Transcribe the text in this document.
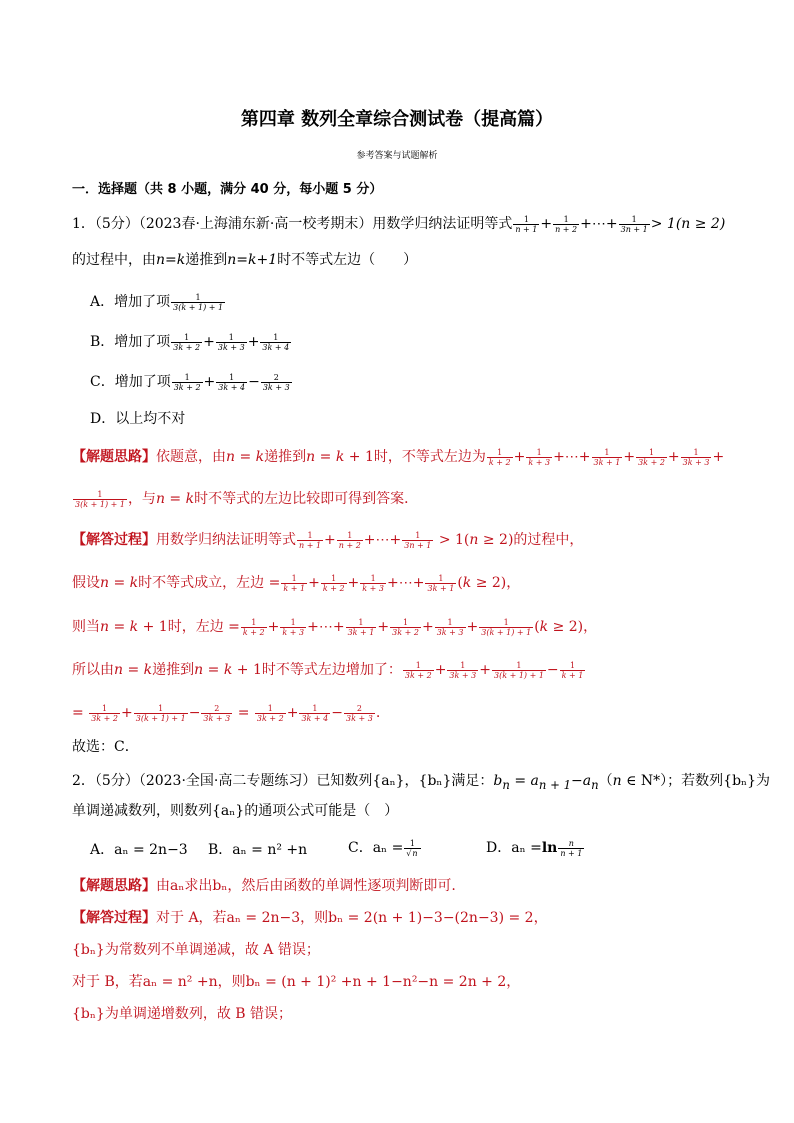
第四章 数列全章综合测试卷（提高篇）
参考答案与试题解析
一．选择题（共 8 小题，满分 40 分，每小题 5 分）
1．（5分）（2023春·上海浦东新·高一校考期末）用数学归纳法证明等式 $\frac{1}{n + 1} + \frac{1}{n + 2}$ +⋯+ $\frac{1}{3n + 1} > 1(n \ge 2)$
的过程中，由n=k递推到n=k+1时不等式左边（　　）
A．增加了项 $\frac{1}{3(k + 1) + 1}$
B．增加了项 $\frac{1}{3k + 2} + \frac{1}{3k + 3} + \frac{1}{3k + 4}$
C．增加了项 $\frac{1}{3k + 2} + \frac{1}{3k + 4} - \frac{2}{3k + 3}$
D．以上均不对
【解题思路】依题意，由n = k递推到n = k + 1时，不等式左边为 $\frac{1}{k + 2} + \frac{1}{k + 3}$ +⋯+ $\frac{1}{3k + 1} + \frac{1}{3k + 2} + \frac{1}{3k + 3}$ +
$\frac{1}{3(k + 1) + 1}$ ，与n = k时不等式的左边比较即可得到答案．
【解答过程】用数学归纳法证明等式 $\frac{1}{n + 1} + \frac{1}{n + 2}$ +⋯+ $\frac{1}{3n + 1} > 1(n \ge 2)$的过程中，
假设n = k时不等式成立，左边 = $\frac{1}{k + 1} + \frac{1}{k + 2} + \frac{1}{k + 3}$ +⋯+ $\frac{1}{3k + 1} (k \ge 2)$，
则当n = k + 1时，左边 = $\frac{1}{k + 2} + \frac{1}{k + 3}$ +⋯+ $\frac{1}{3k + 1} + \frac{1}{3k + 2} + \frac{1}{3k + 3} + \frac{1}{3(k + 1) + 1} (k \ge 2)$，
所以由n = k递推到n = k + 1时不等式左边增加了： $\frac{1}{3k + 2} + \frac{1}{3k + 3} + \frac{1}{3(k + 1) + 1} - \frac{1}{k + 1}$
= $\frac{1}{3k + 2} + \frac{1}{3(k + 1) + 1} - \frac{2}{3k + 3} = \frac{1}{3k + 2} + \frac{1}{3k + 4} - \frac{2}{3k + 3}$ .
故选：C．
2．（5分）（2023·全国·高二专题练习）已知数列{aₙ}，{bₙ}满足：$b_n = a_{n + 1}-a_n(n$ ∈ N*）；若数列{bₙ}为
单调递减数列，则数列{aₙ}的通项公式可能是（　）
A．aₙ = 2n−3 B．aₙ = n² +n	C．$a_n = \frac{1}{√n}$	D．$a_n =\ln \frac{n}{n + 1}$
【解题思路】由aₙ求出bₙ，然后由函数的单调性逐项判断即可.
【解答过程】对于 A，若aₙ = 2n−3，则bₙ = 2(n + 1)−3−(2n−3) = 2，
{bₙ}为常数列不单调递减，故 A 错误；
对于 B，若aₙ = n² +n，则bₙ = (n + 1)² +n + 1−n²−n = 2n + 2，
{bₙ}为单调递增数列，故 B 错误；
